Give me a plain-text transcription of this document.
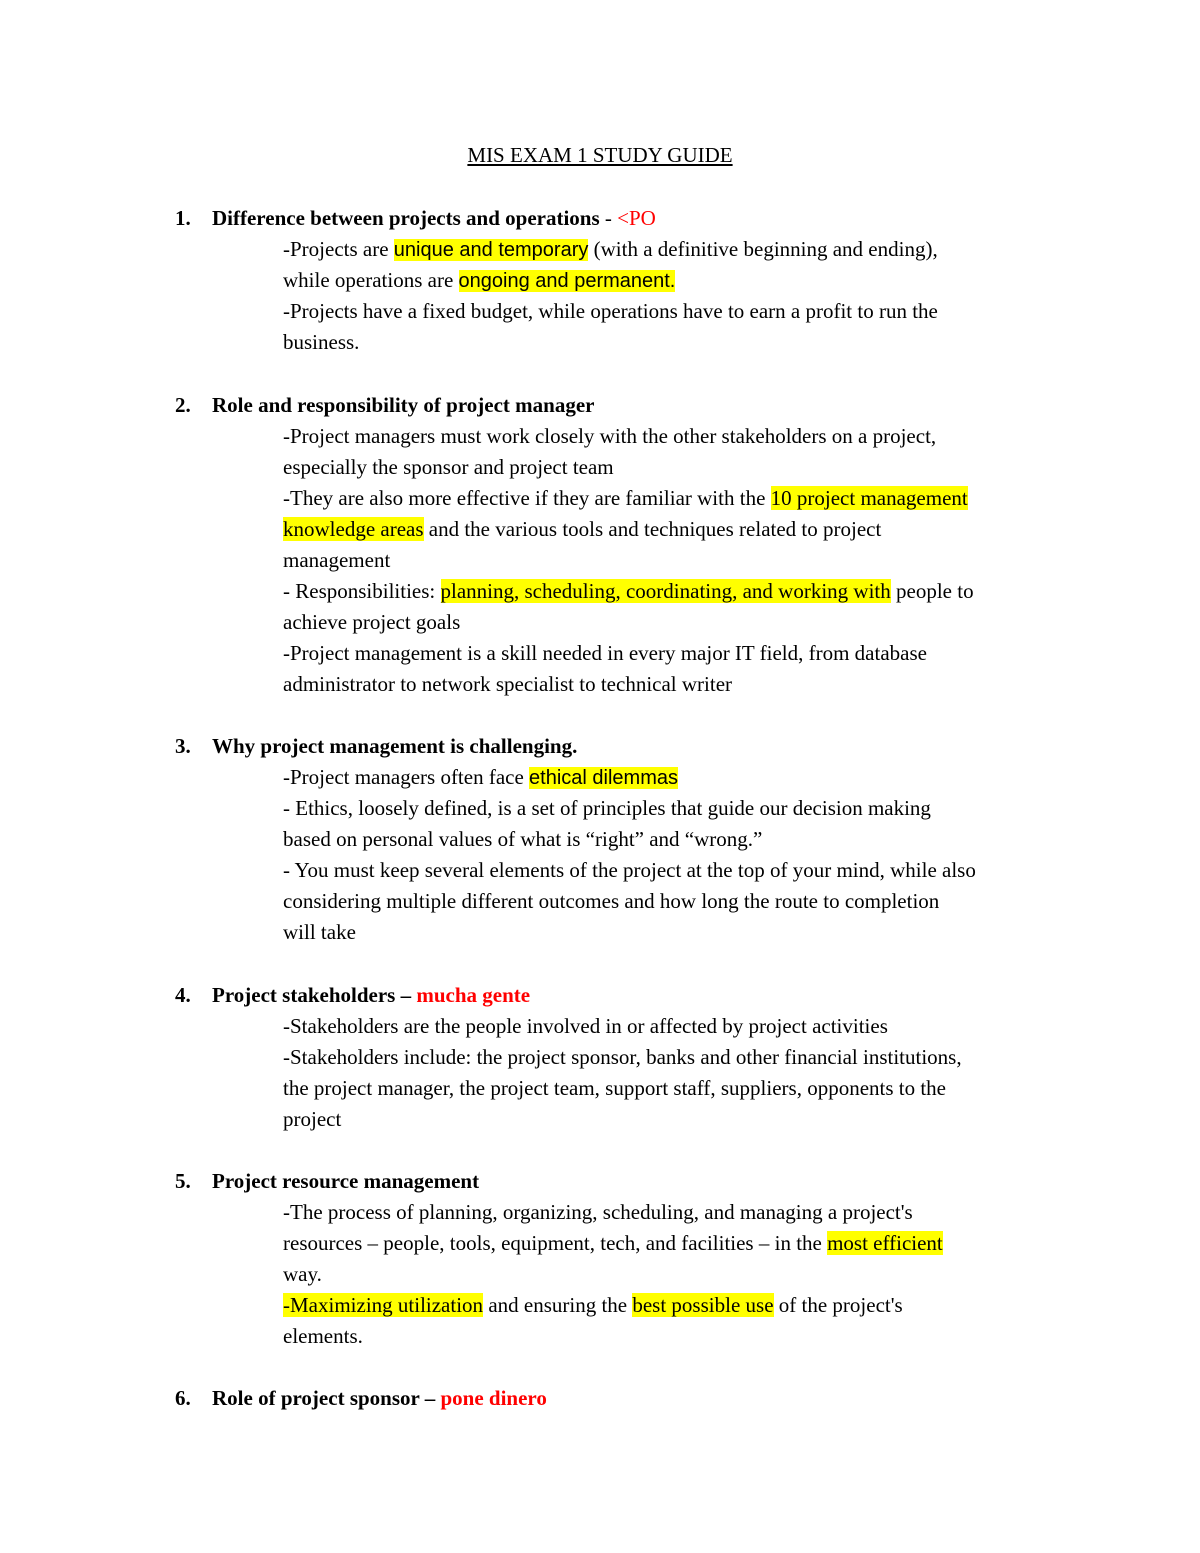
MIS EXAM 1 STUDY GUIDE
1. Difference between projects and operations - <PO
-Projects are unique and temporary (with a definitive beginning and ending),
while operations are ongoing and permanent.
-Projects have a fixed budget, while operations have to earn a profit to run the
business.
2. Role and responsibility of project manager
-Project managers must work closely with the other stakeholders on a project,
especially the sponsor and project team
-They are also more effective if they are familiar with the 10 project management
knowledge areas and the various tools and techniques related to project
management
- Responsibilities: planning, scheduling, coordinating, and working with people to
achieve project goals
-Project management is a skill needed in every major IT field, from database
administrator to network specialist to technical writer
3. Why project management is challenging.
-Project managers often face ethical dilemmas
- Ethics, loosely defined, is a set of principles that guide our decision making
based on personal values of what is “right” and “wrong.”
- You must keep several elements of the project at the top of your mind, while also
considering multiple different outcomes and how long the route to completion
will take
4. Project stakeholders – mucha gente
-Stakeholders are the people involved in or affected by project activities
-Stakeholders include: the project sponsor, banks and other financial institutions,
the project manager, the project team, support staff, suppliers, opponents to the
project
5. Project resource management
-The process of planning, organizing, scheduling, and managing a project's
resources – people, tools, equipment, tech, and facilities – in the most efficient
way.
-Maximizing utilization and ensuring the best possible use of the project's
elements.
6. Role of project sponsor – pone dinero
